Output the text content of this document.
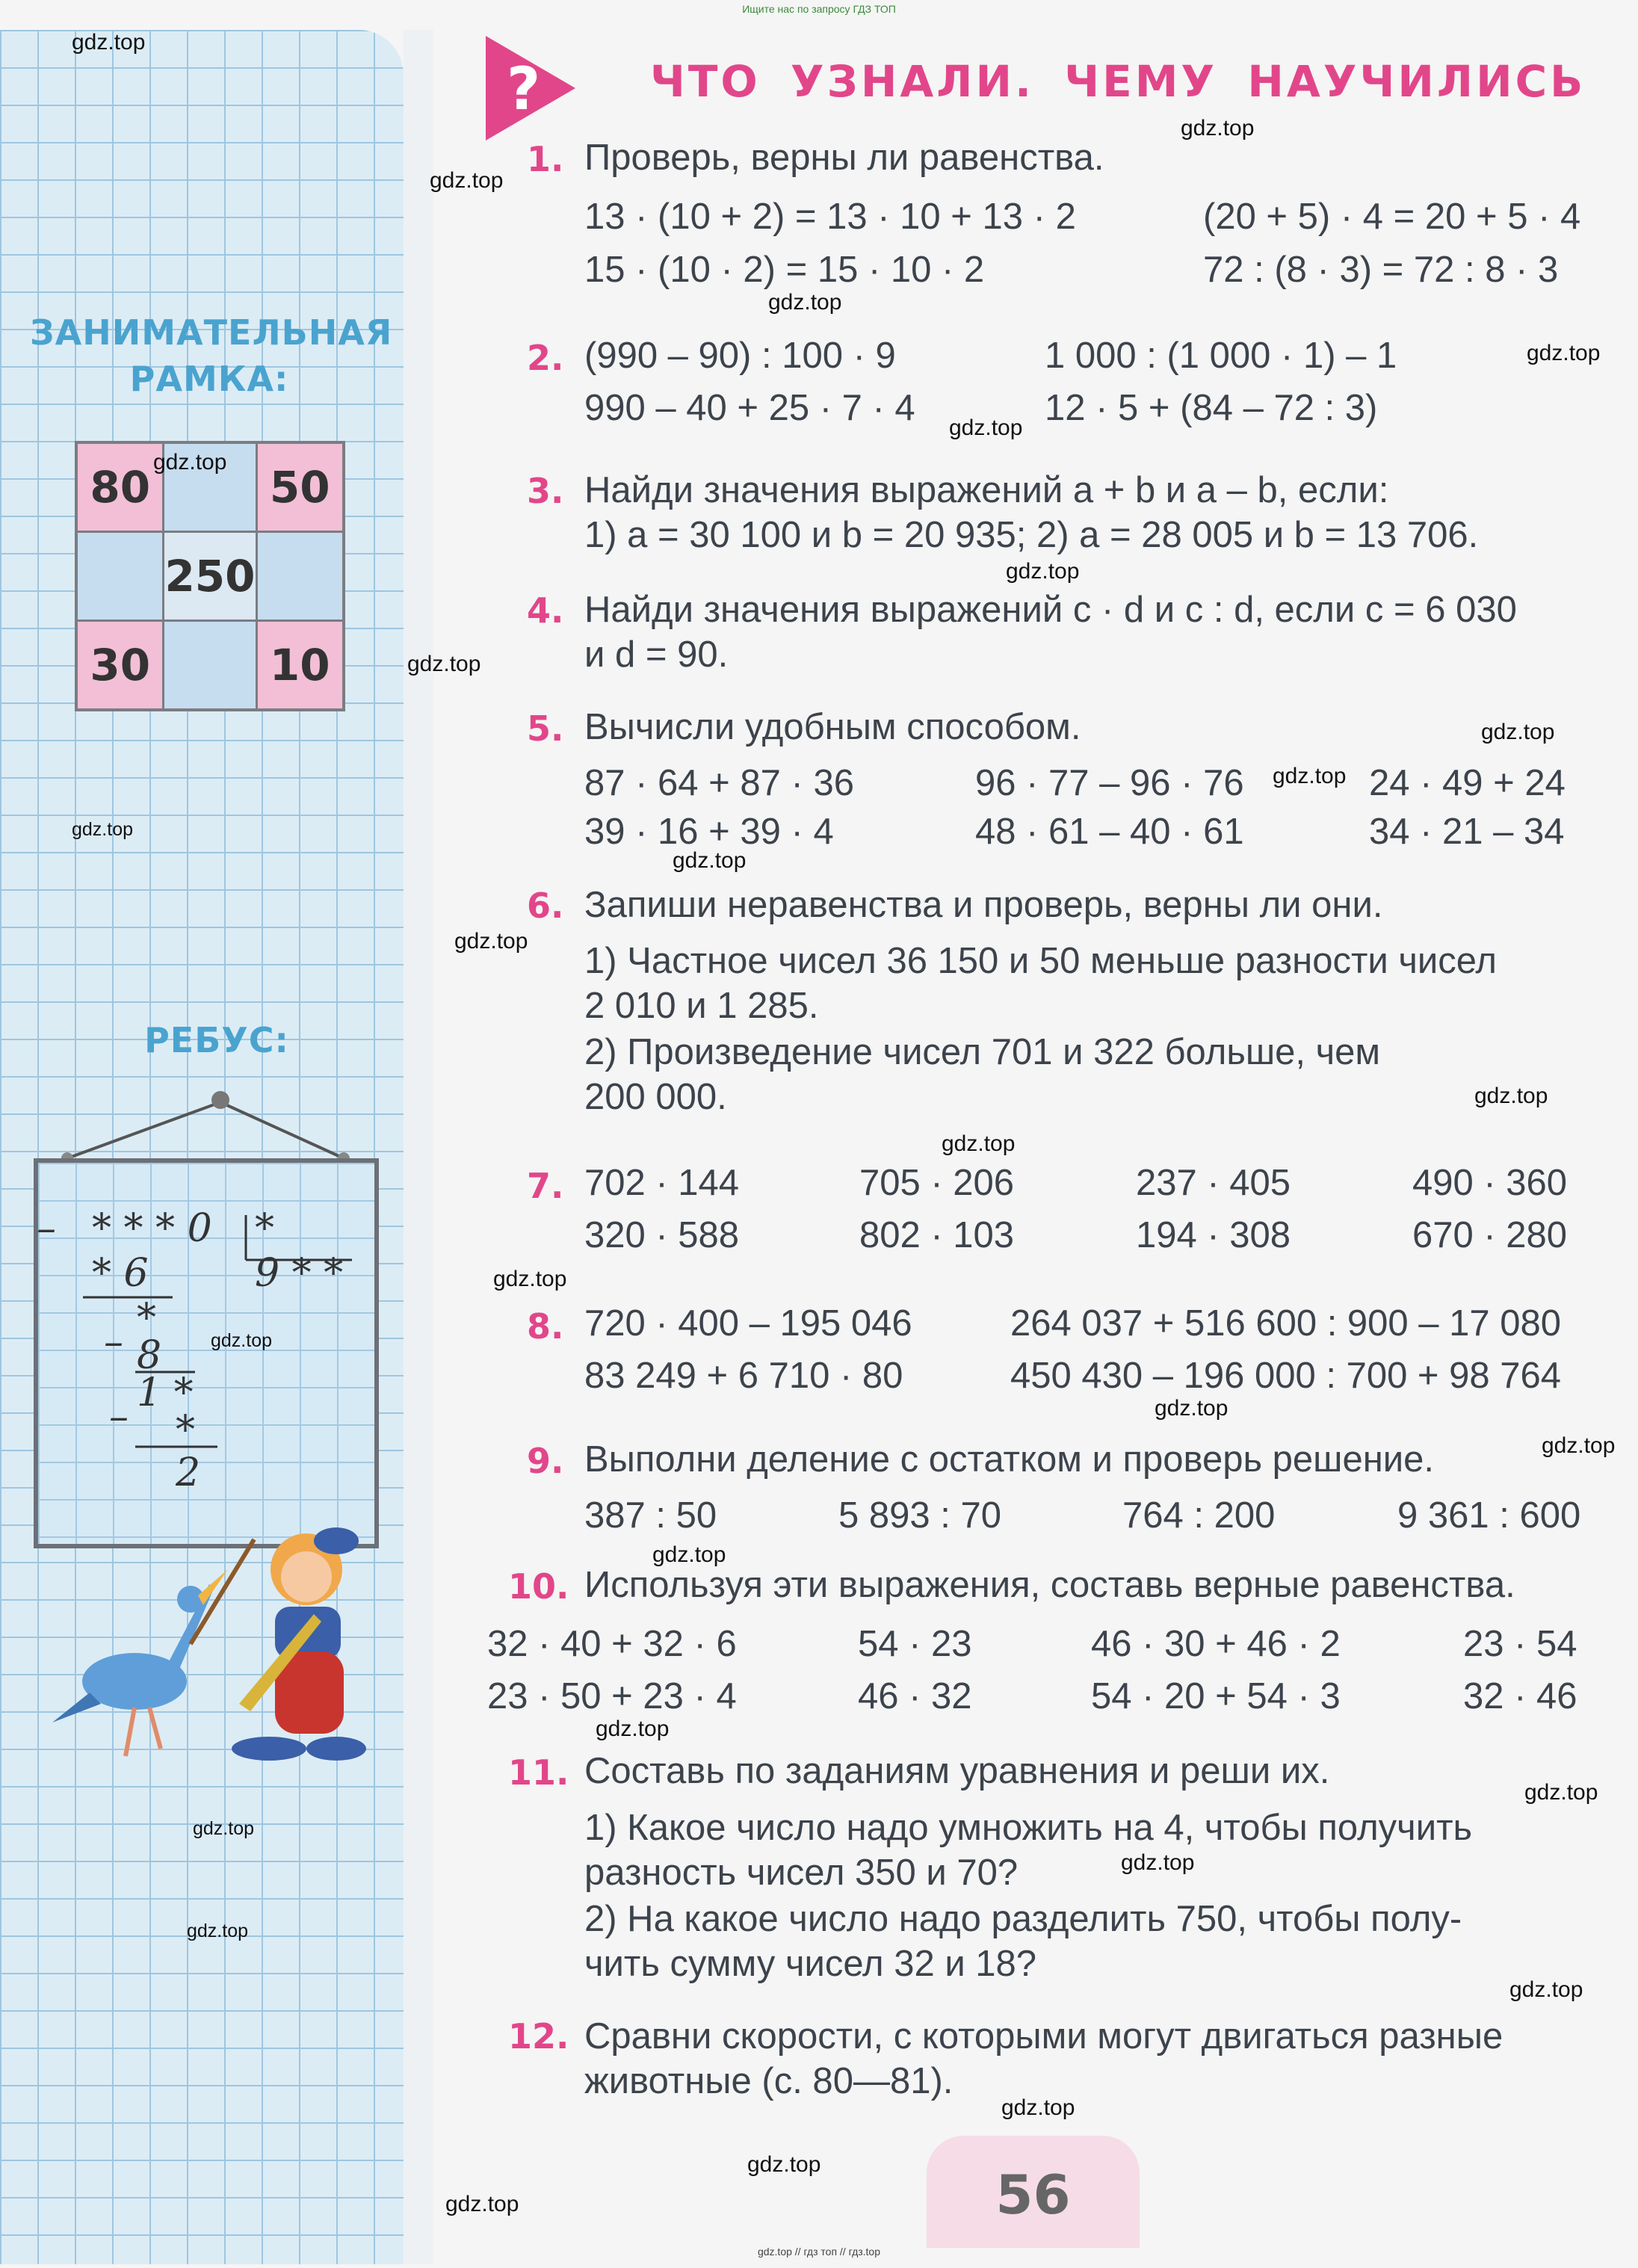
Ищите нас по запросу ГДЗ ТОП
ЗАНИМАТЕЛЬНАЯ
РАМКА:
80	50
250
30	10
РЕБУС:
– * * * 0 *
* 6	9 * *
–
*
8
–
1 *
*
2
?	ЧТО УЗНАЛИ. ЧЕМУ НАУЧИЛИСЬ
1. Проверь, верны ли равенства.
13 · (10 + 2) = 13 · 10 + 13 · 2	(20 + 5) · 4 = 20 + 5 · 4
15 · (10 · 2) = 15 · 10 · 2	72 : (8 · 3) = 72 : 8 · 3
2. (990 – 90) : 100 · 9	1 000 : (1 000 · 1) – 1
990 – 40 + 25 · 7 · 4	12 · 5 + (84 – 72 : 3)
3. Найди значения выражений a + b и a – b, если:
1) a = 30 100 и b = 20 935; 2) a = 28 005 и b = 13 706.
4. Найди значения выражений c · d и c : d, если c = 6 030
и d = 90.
5. Вычисли удобным способом.
87 · 64 + 87 · 36	96 · 77 – 96 · 76	24 · 49 + 24
39 · 16 + 39 · 4	48 · 61 – 40 · 61	34 · 21 – 34
6. Запиши неравенства и проверь, верны ли они.
1) Частное чисел 36 150 и 50 меньше разности чисел
2 010 и 1 285.
2) Произведение чисел 701 и 322 больше, чем
200 000.
7. 702 · 144	705 · 206	237 · 405	490 · 360
320 · 588	802 · 103	194 · 308	670 · 280
8. 720 · 400 – 195 046	264 037 + 516 600 : 900 – 17 080
83 249 + 6 710 · 80	450 430 – 196 000 : 700 + 98 764
9. Выполни деление с остатком и проверь решение.
387 : 50	5 893 : 70	764 : 200	9 361 : 600
10. Используя эти выражения, составь верные равенства.
32 · 40 + 32 · 6	54 · 23	46 · 30 + 46 · 2	23 · 54
23 · 50 + 23 · 4	46 · 32	54 · 20 + 54 · 3	32 · 46
11. Составь по заданиям уравнения и реши их.
1) Какое число надо умножить на 4, чтобы получить
разность чисел 350 и 70?
2) На какое число надо разделить 750, чтобы полу-
чить сумму чисел 32 и 18?
12. Сравни скорости, с которыми могут двигаться разные
животные (с. 80—81).
56
gdz.top
gdz.top
gdz.top
gdz.top
gdz.top
gdz.top
gdz.top
gdz.top
gdz.top
gdz.top
gdz.top
gdz.top
gdz.top
gdz.top
gdz.top
gdz.top
gdz.top
gdz.top
gdz.top
gdz.top
gdz.top
gdz.top
gdz.top
gdz.top
gdz.top
gdz.top
gdz.top
gdz.top
gdz.top
gdz.top
gdz.top // гдз топ // гдз.top
